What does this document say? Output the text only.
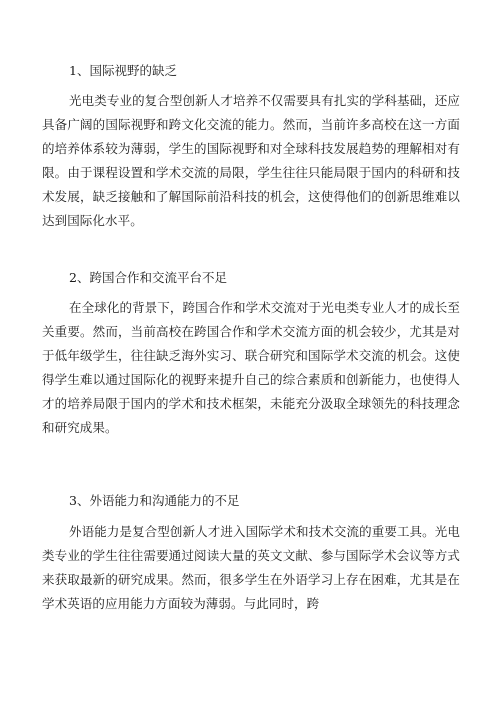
1、国际视野的缺乏
光电类专业的复合型创新人才培养不仅需要具有扎实的学科基础，还应具备广阔的国际视野和跨文化交流的能力。然而，当前许多高校在这一方面的培养体系较为薄弱，学生的国际视野和对全球科技发展趋势的理解相对有限。由于课程设置和学术交流的局限，学生往往只能局限于国内的科研和技术发展，缺乏接触和了解国际前沿科技的机会，这使得他们的创新思维难以达到国际化水平。
2、跨国合作和交流平台不足
在全球化的背景下，跨国合作和学术交流对于光电类专业人才的成长至关重要。然而，当前高校在跨国合作和学术交流方面的机会较少，尤其是对于低年级学生，往往缺乏海外实习、联合研究和国际学术交流的机会。这使得学生难以通过国际化的视野来提升自己的综合素质和创新能力，也使得人才的培养局限于国内的学术和技术框架，未能充分汲取全球领先的科技理念和研究成果。
3、外语能力和沟通能力的不足
外语能力是复合型创新人才进入国际学术和技术交流的重要工具。光电类专业的学生往往需要通过阅读大量的英文文献、参与国际学术会议等方式来获取最新的研究成果。然而，很多学生在外语学习上存在困难，尤其是在学术英语的应用能力方面较为薄弱。与此同时，跨
